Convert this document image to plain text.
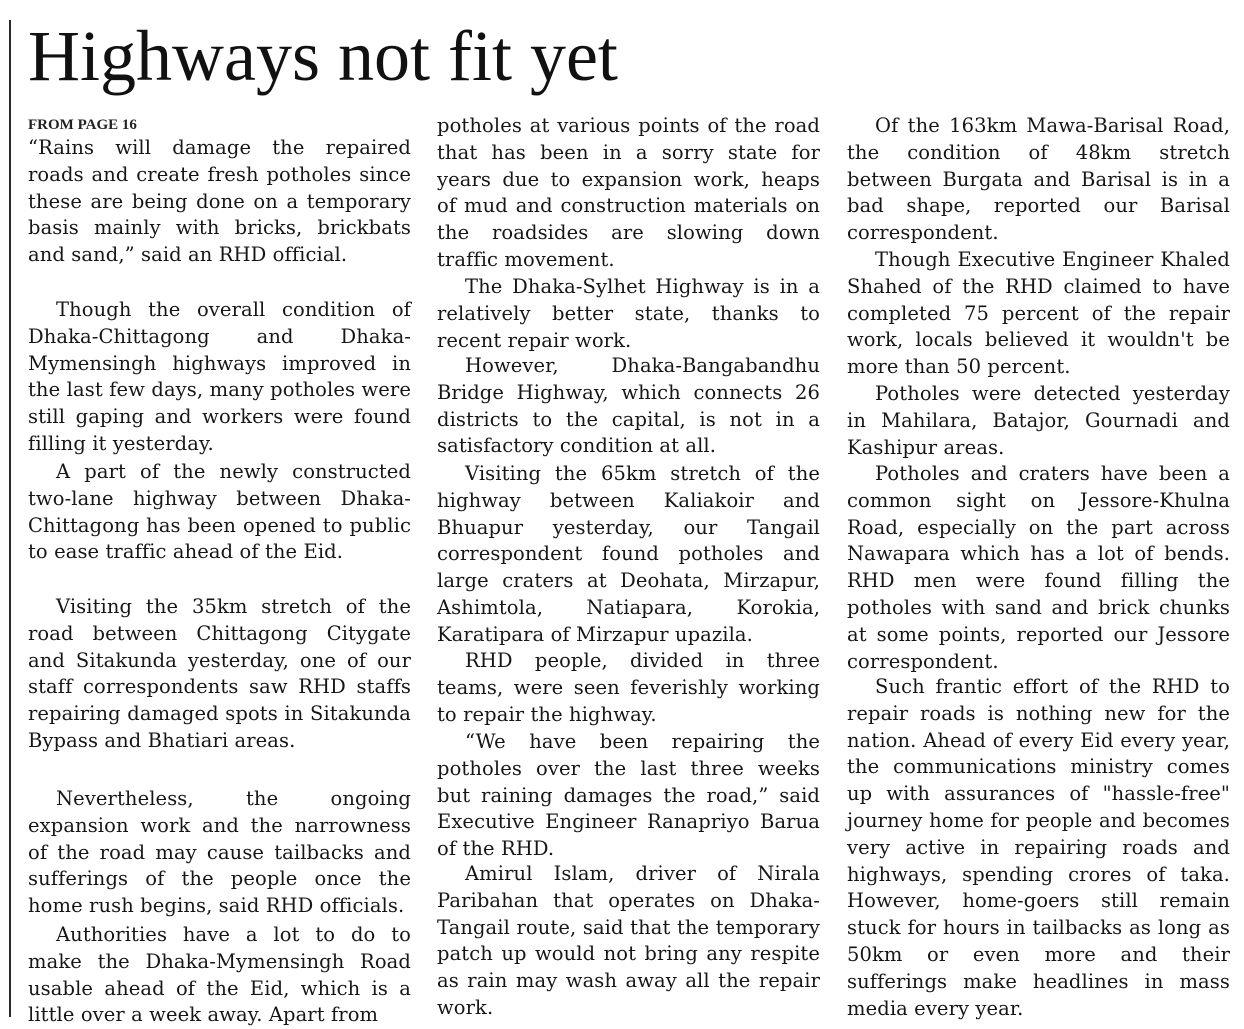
Highways not fit yet
FROM PAGE 16

“Rains will damage the repaired roads and create fresh potholes since these are being done on a temporary basis mainly with bricks, brickbats and sand,” said an RHD official.

Though the overall condition of Dhaka-Chittagong and Dhaka-Mymensingh highways improved in the last few days, many potholes were still gaping and workers were found filling it yesterday.

A part of the newly constructed two-lane highway between Dhaka-Chittagong has been opened to public to ease traffic ahead of the Eid.

Visiting the 35km stretch of the road between Chittagong Citygate and Sitakunda yesterday, one of our staff correspondents saw RHD staffs repairing damaged spots in Sitakunda Bypass and Bhatiari areas.

Nevertheless, the ongoing expansion work and the narrowness of the road may cause tailbacks and sufferings of the people once the home rush begins, said RHD officials.

Authorities have a lot to do to make the Dhaka-Mymensingh Road usable ahead of the Eid, which is a little over a week away. Apart from

potholes at various points of the road that has been in a sorry state for years due to expansion work, heaps of mud and construction materials on the roadsides are slowing down traffic movement.

The Dhaka-Sylhet Highway is in a relatively better state, thanks to recent repair work.

However, Dhaka-Bangabandhu Bridge Highway, which connects 26 districts to the capital, is not in a satisfactory condition at all.

Visiting the 65km stretch of the highway between Kaliakoir and Bhuapur yesterday, our Tangail correspondent found potholes and large craters at Deohata, Mirzapur, Ashimtola, Natiapara, Korokia, Karatipara of Mirzapur upazila.

RHD people, divided in three teams, were seen feverishly working to repair the highway.

“We have been repairing the potholes over the last three weeks but raining damages the road,” said Executive Engineer Ranapriyo Barua of the RHD.

Amirul Islam, driver of Nirala Paribahan that operates on Dhaka-Tangail route, said that the temporary patch up would not bring any respite as rain may wash away all the repair work.

Of the 163km Mawa-Barisal Road, the condition of 48km stretch between Burgata and Barisal is in a bad shape, reported our Barisal correspondent.

Though Executive Engineer Khaled Shahed of the RHD claimed to have completed 75 percent of the repair work, locals believed it wouldn't be more than 50 percent.

Potholes were detected yesterday in Mahilara, Batajor, Gournadi and Kashipur areas.

Potholes and craters have been a common sight on Jessore-Khulna Road, especially on the part across Nawapara which has a lot of bends. RHD men were found filling the potholes with sand and brick chunks at some points, reported our Jessore correspondent.

Such frantic effort of the RHD to repair roads is nothing new for the nation. Ahead of every Eid every year, the communications ministry comes up with assurances of "hassle-free" journey home for people and becomes very active in repairing roads and highways, spending crores of taka. However, home-goers still remain stuck for hours in tailbacks as long as 50km or even more and their sufferings make headlines in mass media every year.
